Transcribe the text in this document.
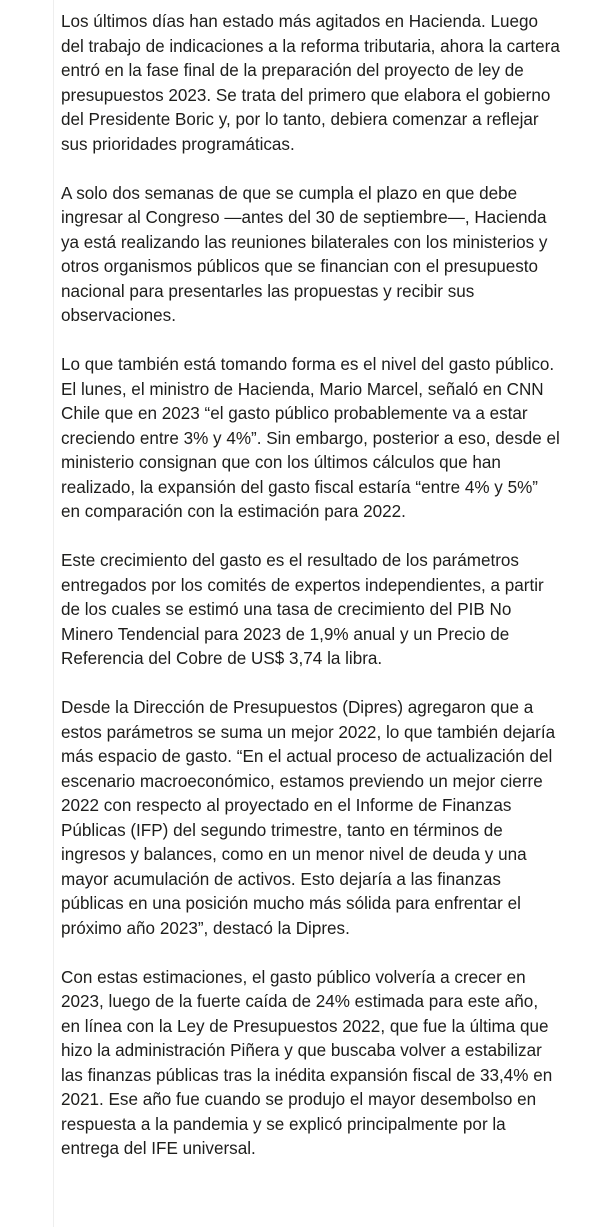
Los últimos días han estado más agitados en Hacienda. Luego del trabajo de indicaciones a la reforma tributaria, ahora la cartera entró en la fase final de la preparación del proyecto de ley de presupuestos 2023. Se trata del primero que elabora el gobierno del Presidente Boric y, por lo tanto, debiera comenzar a reflejar sus prioridades programáticas.

A solo dos semanas de que se cumpla el plazo en que debe ingresar al Congreso —antes del 30 de septiembre—, Hacienda ya está realizando las reuniones bilaterales con los ministerios y otros organismos públicos que se financian con el presupuesto nacional para presentarles las propuestas y recibir sus observaciones.

Lo que también está tomando forma es el nivel del gasto público. El lunes, el ministro de Hacienda, Mario Marcel, señaló en CNN Chile que en 2023 “el gasto público probablemente va a estar creciendo entre 3% y 4%”. Sin embargo, posterior a eso, desde el ministerio consignan que con los últimos cálculos que han realizado, la expansión del gasto fiscal estaría “entre 4% y 5%” en comparación con la estimación para 2022.

Este crecimiento del gasto es el resultado de los parámetros entregados por los comités de expertos independientes, a partir de los cuales se estimó una tasa de crecimiento del PIB No Minero Tendencial para 2023 de 1,9% anual y un Precio de Referencia del Cobre de US$ 3,74 la libra.

Desde la Dirección de Presupuestos (Dipres) agregaron que a estos parámetros se suma un mejor 2022, lo que también dejaría más espacio de gasto. “En el actual proceso de actualización del escenario macroeconómico, estamos previendo un mejor cierre 2022 con respecto al proyectado en el Informe de Finanzas Públicas (IFP) del segundo trimestre, tanto en términos de ingresos y balances, como en un menor nivel de deuda y una mayor acumulación de activos. Esto dejaría a las finanzas públicas en una posición mucho más sólida para enfrentar el próximo año 2023”, destacó la Dipres.

Con estas estimaciones, el gasto público volvería a crecer en 2023, luego de la fuerte caída de 24% estimada para este año, en línea con la Ley de Presupuestos 2022, que fue la última que hizo la administración Piñera y que buscaba volver a estabilizar las finanzas públicas tras la inédita expansión fiscal de 33,4% en 2021. Ese año fue cuando se produjo el mayor desembolso en respuesta a la pandemia y se explicó principalmente por la entrega del IFE universal.
